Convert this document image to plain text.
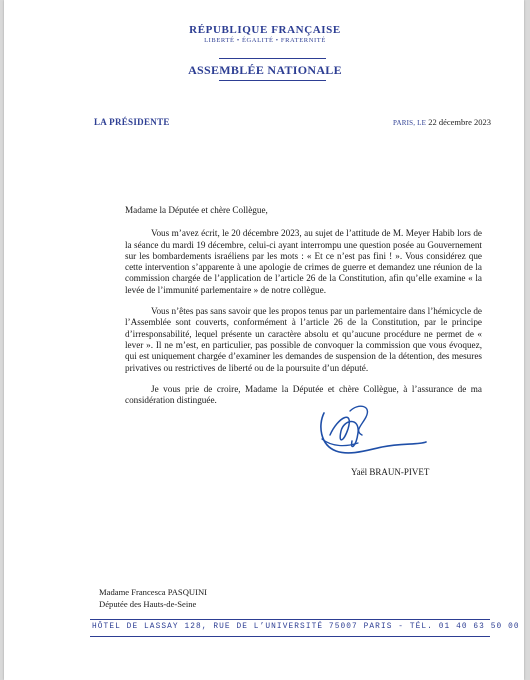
RÉPUBLIQUE FRANÇAISE
LIBERTÉ • ÉGALITÉ • FRATERNITÉ
ASSEMBLÉE NATIONALE
LA PRÉSIDENTE	PARIS, LE 22 décembre 2023

Madame la Députée et chère Collègue,

Vous m’avez écrit, le 20 décembre 2023, au sujet de l’attitude de M. Meyer Habib lors de la séance du mardi 19 décembre, celui-ci ayant interrompu une question posée au Gouvernement sur les bombardements israéliens par les mots : « Et ce n’est pas fini ! ». Vous considérez que cette intervention s’apparente à une apologie de crimes de guerre et demandez une réunion de la commission chargée de l’application de l’article 26 de la Constitution, afin qu’elle examine « la levée de l’immunité parlementaire » de notre collègue.

Vous n’êtes pas sans savoir que les propos tenus par un parlementaire dans l’hémicycle de l’Assemblée sont couverts, conformément à l’article 26 de la Constitution, par le principe d’irresponsabilité, lequel présente un caractère absolu et qu’aucune procédure ne permet de « lever ». Il ne m’est, en particulier, pas possible de convoquer la commission que vous évoquez, qui est uniquement chargée d’examiner les demandes de suspension de la détention, des mesures privatives ou restrictives de liberté ou de la poursuite d’un député.

Je vous prie de croire, Madame la Députée et chère Collègue, à l’assurance de ma considération distinguée.

Yaël BRAUN-PIVET
Madame Francesca PASQUINI
Députée des Hauts-de-Seine
HÔTEL DE LASSAY 128, RUE DE L’UNIVERSITÉ 75007 PARIS - TÉL. 01 40 63 50 00
